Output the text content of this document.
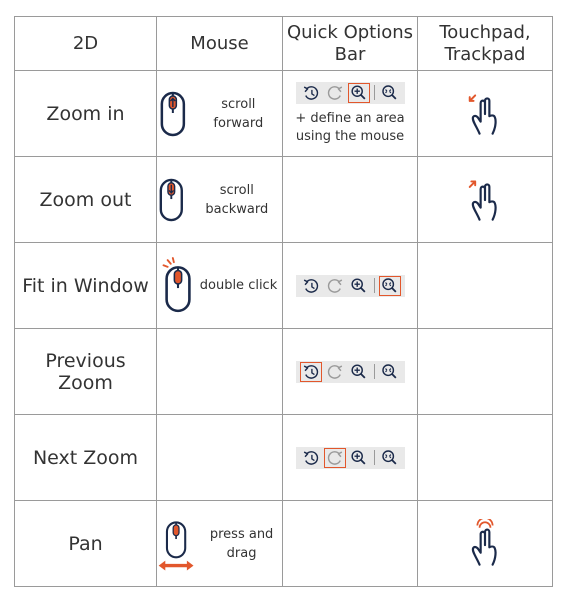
2D	Mouse	Quick Options Bar	Touchpad, Trackpad
Zoom in	scroll forward	+ define an area using the mouse

Zoom out	scroll backward

Fit in Window	double click

Previous Zoom		

Next Zoom		

Pan	press and drag
